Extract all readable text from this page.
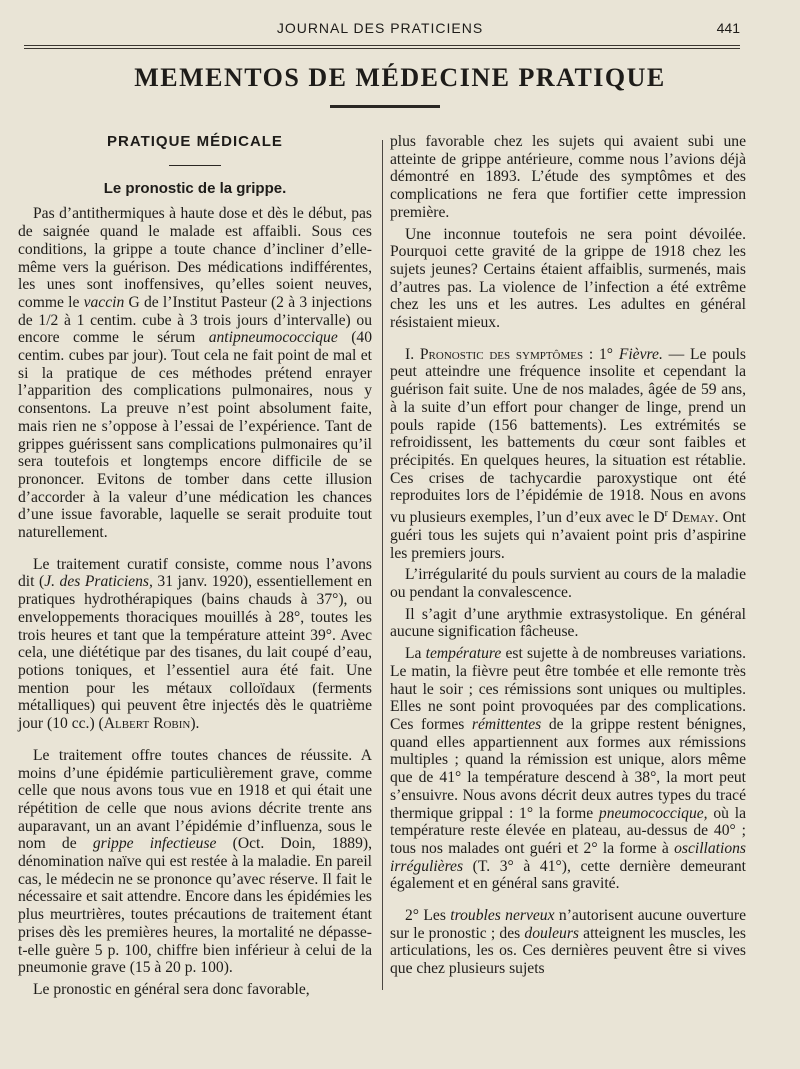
JOURNAL DES PRATICIENS	441
MEMENTOS DE MÉDECINE PRATIQUE
PRATIQUE MÉDICALE
Le pronostic de la grippe.

Pas d’antithermiques à haute dose et dès le début, pas de saignée quand le malade est affaibli. Sous ces conditions, la grippe a toute chance d’incliner d’elle-même vers la guérison. Des médications indifférentes, les unes sont inoffensives, qu’elles soient neuves, comme le vaccin G de l’Institut Pasteur (2 à 3 injections de 1/2 à 1 centim. cube à 3 trois jours d’intervalle) ou encore comme le sérum antipneumococcique (40 centim. cubes par jour). Tout cela ne fait point de mal et si la pratique de ces méthodes prétend enrayer l’apparition des complications pulmonaires, nous y consentons. La preuve n’est point absolument faite, mais rien ne s’oppose à l’essai de l’expérience. Tant de grippes guérissent sans complications pulmonaires qu’il sera toutefois et longtemps encore difficile de se prononcer. Evitons de tomber dans cette illusion d’accorder à la valeur d’une médication les chances d’une issue favorable, laquelle se serait produite tout naturellement.

Le traitement curatif consiste, comme nous l’avons dit (J. des Praticiens, 31 janv. 1920), essentiellement en pratiques hydrothérapiques (bains chauds à 37°), ou enveloppements thoraciques mouillés à 28°, toutes les trois heures et tant que la température atteint 39°. Avec cela, une diététique par des tisanes, du lait coupé d’eau, potions toniques, et l’essentiel aura été fait. Une mention pour les métaux colloïdaux (ferments métalliques) qui peuvent être injectés dès le quatrième jour (10 cc.) (Albert Robin).

Le traitement offre toutes chances de réussite. A moins d’une épidémie particulièrement grave, comme celle que nous avons tous vue en 1918 et qui était une répétition de celle que nous avions décrite trente ans auparavant, un an avant l’épidémie d’influenza, sous le nom de grippe infectieuse (Oct. Doin, 1889), dénomination naïve qui est restée à la maladie. En pareil cas, le médecin ne se prononce qu’avec réserve. Il fait le nécessaire et sait attendre. Encore dans les épidémies les plus meurtrières, toutes précautions de traitement étant prises dès les premières heures, la mortalité ne dépasse-t-elle guère 5 p. 100, chiffre bien inférieur à celui de la pneumonie grave (15 à 20 p. 100).

Le pronostic en général sera donc favorable,

plus favorable chez les sujets qui avaient subi une atteinte de grippe antérieure, comme nous l’avions déjà démontré en 1893. L’étude des symptômes et des complications ne fera que fortifier cette impression première.

Une inconnue toutefois ne sera point dévoilée. Pourquoi cette gravité de la grippe de 1918 chez les sujets jeunes? Certains étaient affaiblis, surmenés, mais d’autres pas. La violence de l’infection a été extrême chez les uns et les autres. Les adultes en général résistaient mieux.

I. Pronostic des symptômes : 1° Fièvre. — Le pouls peut atteindre une fréquence insolite et cependant la guérison fait suite. Une de nos malades, âgée de 59 ans, à la suite d’un effort pour changer de linge, prend un pouls rapide (156 battements). Les extrémités se refroidissent, les battements du cœur sont faibles et précipités. En quelques heures, la situation est rétablie. Ces crises de tachycardie paroxystique ont été reproduites lors de l’épidémie de 1918. Nous en avons vu plusieurs exemples, l’un d’eux avec le $D^r$ Demay. Ont guéri tous les sujets qui n’avaient point pris d’aspirine les premiers jours.

L’irrégularité du pouls survient au cours de la maladie ou pendant la convalescence.

Il s’agit d’une arythmie extrasystolique. En général aucune signification fâcheuse.

La température est sujette à de nombreuses variations. Le matin, la fièvre peut être tombée et elle remonte très haut le soir ; ces rémissions sont uniques ou multiples. Elles ne sont point provoquées par des complications. Ces formes rémittentes de la grippe restent bénignes, quand elles appartiennent aux formes aux rémissions multiples ; quand la rémission est unique, alors même que de 41° la température descend à 38°, la mort peut s’ensuivre. Nous avons décrit deux autres types du tracé thermique grippal : 1° la forme pneumococcique, où la température reste élevée en plateau, au-dessus de 40° ; tous nos malades ont guéri et 2° la forme à oscillations irrégulières (T. 3° à 41°), cette dernière demeurant également et en général sans gravité.

2° Les troubles nerveux n’autorisent aucune ouverture sur le pronostic ; des douleurs atteignent les muscles, les articulations, les os. Ces dernières peuvent être si vives que chez plusieurs sujets
